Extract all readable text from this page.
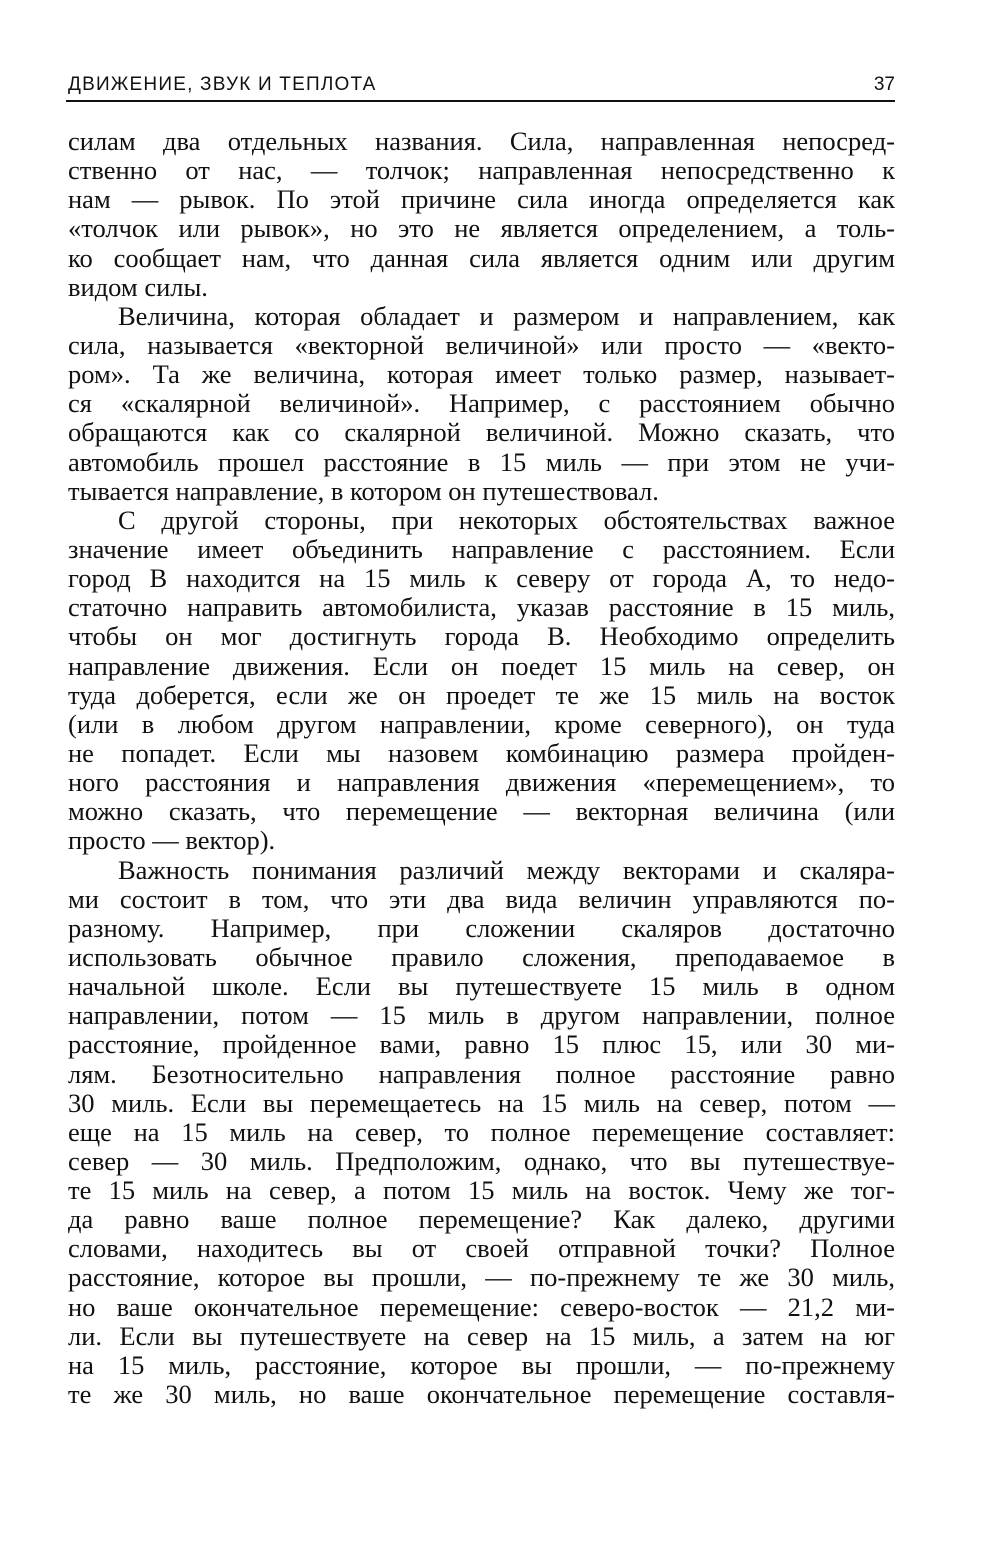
ДВИЖЕНИЕ, ЗВУК И ТЕПЛОТА	37
силам два отдельных названия. Сила, направленная непосред-
ственно от нас, — толчок; направленная непосредственно к
нам — рывок. По этой причине сила иногда определяется как
«толчок или рывок», но это не является определением, а толь-
ко сообщает нам, что данная сила является одним или другим
видом силы.
Величина, которая обладает и размером и направлением, как
сила, называется «векторной величиной» или просто — «векто-
ром». Та же величина, которая имеет только размер, называет-
ся «скалярной величиной». Например, с расстоянием обычно
обращаются как со скалярной величиной. Можно сказать, что
автомобиль прошел расстояние в 15 миль — при этом не учи-
тывается направление, в котором он путешествовал.
С другой стороны, при некоторых обстоятельствах важное
значение имеет объединить направление с расстоянием. Если
город В находится на 15 миль к северу от города А, то недо-
статочно направить автомобилиста, указав расстояние в 15 миль,
чтобы он мог достигнуть города В. Необходимо определить
направление движения. Если он поедет 15 миль на север, он
туда доберется, если же он проедет те же 15 миль на восток
(или в любом другом направлении, кроме северного), он туда
не попадет. Если мы назовем комбинацию размера пройден-
ного расстояния и направления движения «перемещением», то
можно сказать, что перемещение — векторная величина (или
просто — вектор).
Важность понимания различий между векторами и скаляра-
ми состоит в том, что эти два вида величин управляются по-
разному. Например, при сложении скаляров достаточно
использовать обычное правило сложения, преподаваемое в
начальной школе. Если вы путешествуете 15 миль в одном
направлении, потом — 15 миль в другом направлении, полное
расстояние, пройденное вами, равно 15 плюс 15, или 30 ми-
лям. Безотносительно направления полное расстояние равно
30 миль. Если вы перемещаетесь на 15 миль на север, потом —
еще на 15 миль на север, то полное перемещение составляет:
север — 30 миль. Предположим, однако, что вы путешествуе-
те 15 миль на север, а потом 15 миль на восток. Чему же тог-
да равно ваше полное перемещение? Как далеко, другими
словами, находитесь вы от своей отправной точки? Полное
расстояние, которое вы прошли, — по-прежнему те же 30 миль,
но ваше окончательное перемещение: северо-восток — 21,2 ми-
ли. Если вы путешествуете на север на 15 миль, а затем на юг
на 15 миль, расстояние, которое вы прошли, — по-прежнему
те же 30 миль, но ваше окончательное перемещение составля-
